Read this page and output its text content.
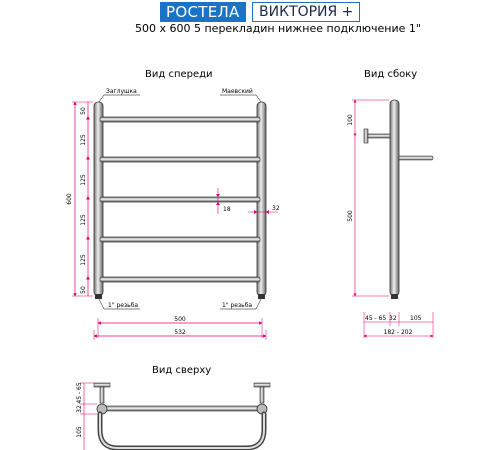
РОСТЕЛА	ВИКТОРИЯ +
500 х 600 5 перекладин нижнее подключение 1"
Вид спереди
Заглушка	Маевский
1" резьба	1" резьба
600
50
125
125
125
125
50
18	32
500
532
Вид сбоку
100
500
45 - 65 32 105
182 - 202
Вид сверху
45 - 65
32
105
